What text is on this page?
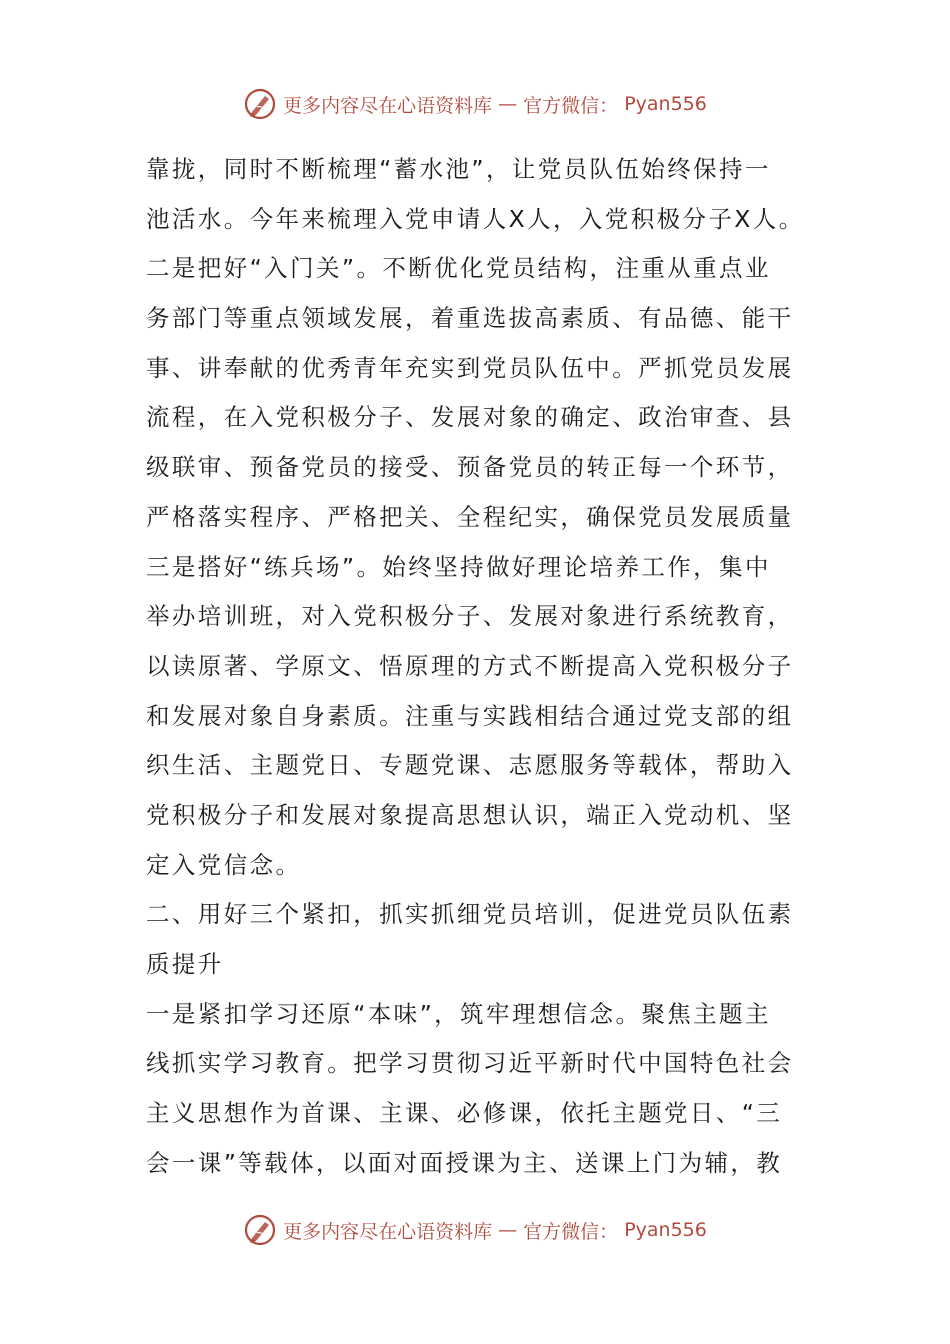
更多内容尽在心语资料库 — 官方微信： Pyan556
靠拢，同时不断梳理“蓄水池”，让党员队伍始终保持一
池活水。今年来梳理入党申请人X人，入党积极分子X人。
二是把好“入门关”。不断优化党员结构，注重从重点业
务部门等重点领域发展，着重选拔高素质、有品德、能干
事、讲奉献的优秀青年充实到党员队伍中。严抓党员发展
流程，在入党积极分子、发展对象的确定、政治审查、县
级联审、预备党员的接受、预备党员的转正每一个环节，
严格落实程序、严格把关、全程纪实，确保党员发展质量
三是搭好“练兵场”。始终坚持做好理论培养工作，集中
举办培训班，对入党积极分子、发展对象进行系统教育，
以读原著、学原文、悟原理的方式不断提高入党积极分子
和发展对象自身素质。注重与实践相结合通过党支部的组
织生活、主题党日、专题党课、志愿服务等载体，帮助入
党积极分子和发展对象提高思想认识，端正入党动机、坚
定入党信念。
二、用好三个紧扣，抓实抓细党员培训，促进党员队伍素
质提升
一是紧扣学习还原“本味”，筑牢理想信念。聚焦主题主
线抓实学习教育。把学习贯彻习近平新时代中国特色社会
主义思想作为首课、主课、必修课，依托主题党日、“三
会一课”等载体，以面对面授课为主、送课上门为辅，教
更多内容尽在心语资料库 — 官方微信： Pyan556
